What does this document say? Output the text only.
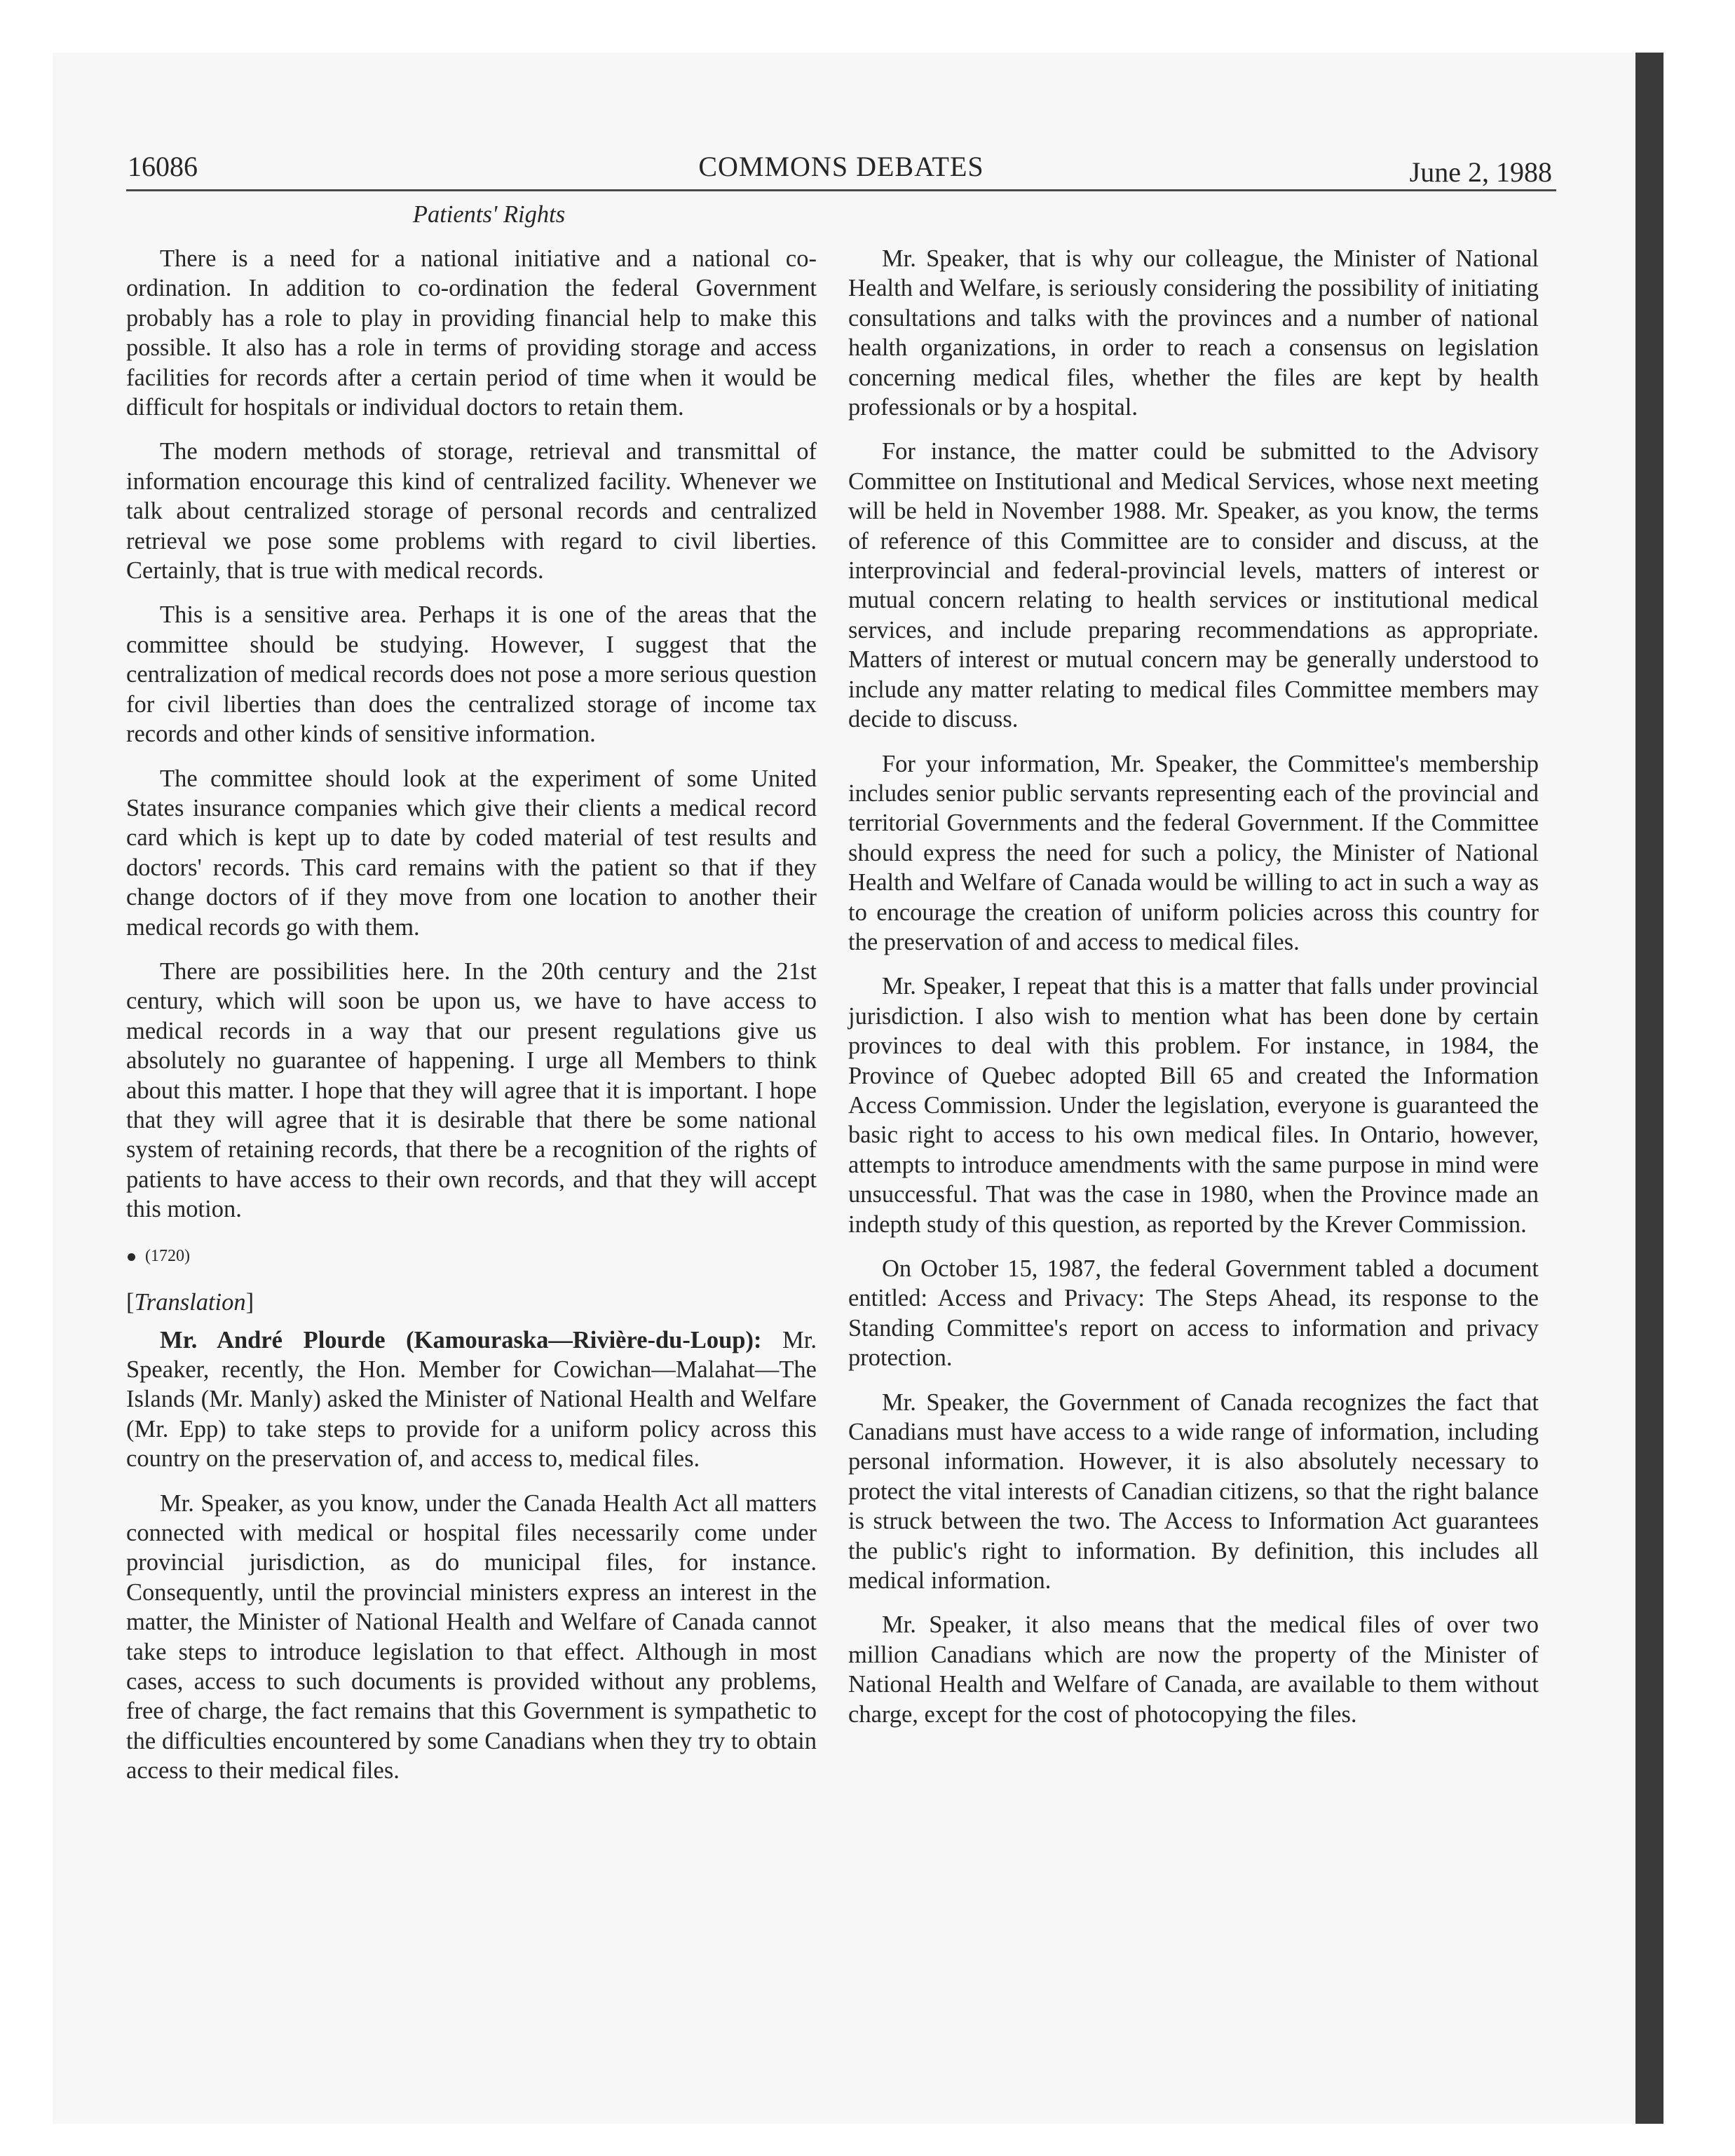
16086	COMMONS DEBATES	June 2, 1988
Patients' Rights

There is a need for a national initiative and a national co-ordination. In addition to co-ordination the federal Government probably has a role to play in providing financial help to make this possible. It also has a role in terms of providing storage and access facilities for records after a certain period of time when it would be difficult for hospitals or individual doctors to retain them.

The modern methods of storage, retrieval and transmittal of information encourage this kind of centralized facility. Whenever we talk about centralized storage of personal records and centralized retrieval we pose some problems with regard to civil liberties. Certainly, that is true with medical records.

This is a sensitive area. Perhaps it is one of the areas that the committee should be studying. However, I suggest that the centralization of medical records does not pose a more serious question for civil liberties than does the centralized storage of income tax records and other kinds of sensitive information.

The committee should look at the experiment of some United States insurance companies which give their clients a medical record card which is kept up to date by coded material of test results and doctors' records. This card remains with the patient so that if they change doctors of if they move from one location to another their medical records go with them.

There are possibilities here. In the 20th century and the 21st century, which will soon be upon us, we have to have access to medical records in a way that our present regulations give us absolutely no guarantee of happening. I urge all Members to think about this matter. I hope that they will agree that it is important. I hope that they will agree that it is desirable that there be some national system of retaining records, that there be a recognition of the rights of patients to have access to their own records, and that they will accept this motion.

(1720)
[Translation]

Mr. André Plourde (Kamouraska—Rivière-du-Loup): Mr. Speaker, recently, the Hon. Member for Cowichan—Malahat—The Islands (Mr. Manly) asked the Minister of National Health and Welfare (Mr. Epp) to take steps to provide for a uniform policy across this country on the preservation of, and access to, medical files.

Mr. Speaker, as you know, under the Canada Health Act all matters connected with medical or hospital files necessarily come under provincial jurisdiction, as do municipal files, for instance. Consequently, until the provincial ministers express an interest in the matter, the Minister of National Health and Welfare of Canada cannot take steps to introduce legislation to that effect. Although in most cases, access to such documents is provided without any problems, free of charge, the fact remains that this Government is sympathetic to the difficulties encountered by some Canadians when they try to obtain access to their medical files.

Mr. Speaker, that is why our colleague, the Minister of National Health and Welfare, is seriously considering the possibility of initiating consultations and talks with the provinces and a number of national health organizations, in order to reach a consensus on legislation concerning medical files, whether the files are kept by health professionals or by a hospital.

For instance, the matter could be submitted to the Advisory Committee on Institutional and Medical Services, whose next meeting will be held in November 1988. Mr. Speaker, as you know, the terms of reference of this Committee are to consider and discuss, at the interprovincial and federal-provincial levels, matters of interest or mutual concern relating to health services or institutional medical services, and include preparing recommendations as appropriate. Matters of interest or mutual concern may be generally understood to include any matter relating to medical files Committee members may decide to discuss.

For your information, Mr. Speaker, the Committee's membership includes senior public servants representing each of the provincial and territorial Governments and the federal Government. If the Committee should express the need for such a policy, the Minister of National Health and Welfare of Canada would be willing to act in such a way as to encourage the creation of uniform policies across this country for the preservation of and access to medical files.

Mr. Speaker, I repeat that this is a matter that falls under provincial jurisdiction. I also wish to mention what has been done by certain provinces to deal with this problem. For instance, in 1984, the Province of Quebec adopted Bill 65 and created the Information Access Commission. Under the legislation, everyone is guaranteed the basic right to access to his own medical files. In Ontario, however, attempts to introduce amendments with the same purpose in mind were unsuccessful. That was the case in 1980, when the Province made an indepth study of this question, as reported by the Krever Commission.

On October 15, 1987, the federal Government tabled a document entitled: Access and Privacy: The Steps Ahead, its response to the Standing Committee's report on access to information and privacy protection.

Mr. Speaker, the Government of Canada recognizes the fact that Canadians must have access to a wide range of information, including personal information. However, it is also absolutely necessary to protect the vital interests of Canadian citizens, so that the right balance is struck between the two. The Access to Information Act guarantees the public's right to information. By definition, this includes all medical information.

Mr. Speaker, it also means that the medical files of over two million Canadians which are now the property of the Minister of National Health and Welfare of Canada, are available to them without charge, except for the cost of photocopying the files.
